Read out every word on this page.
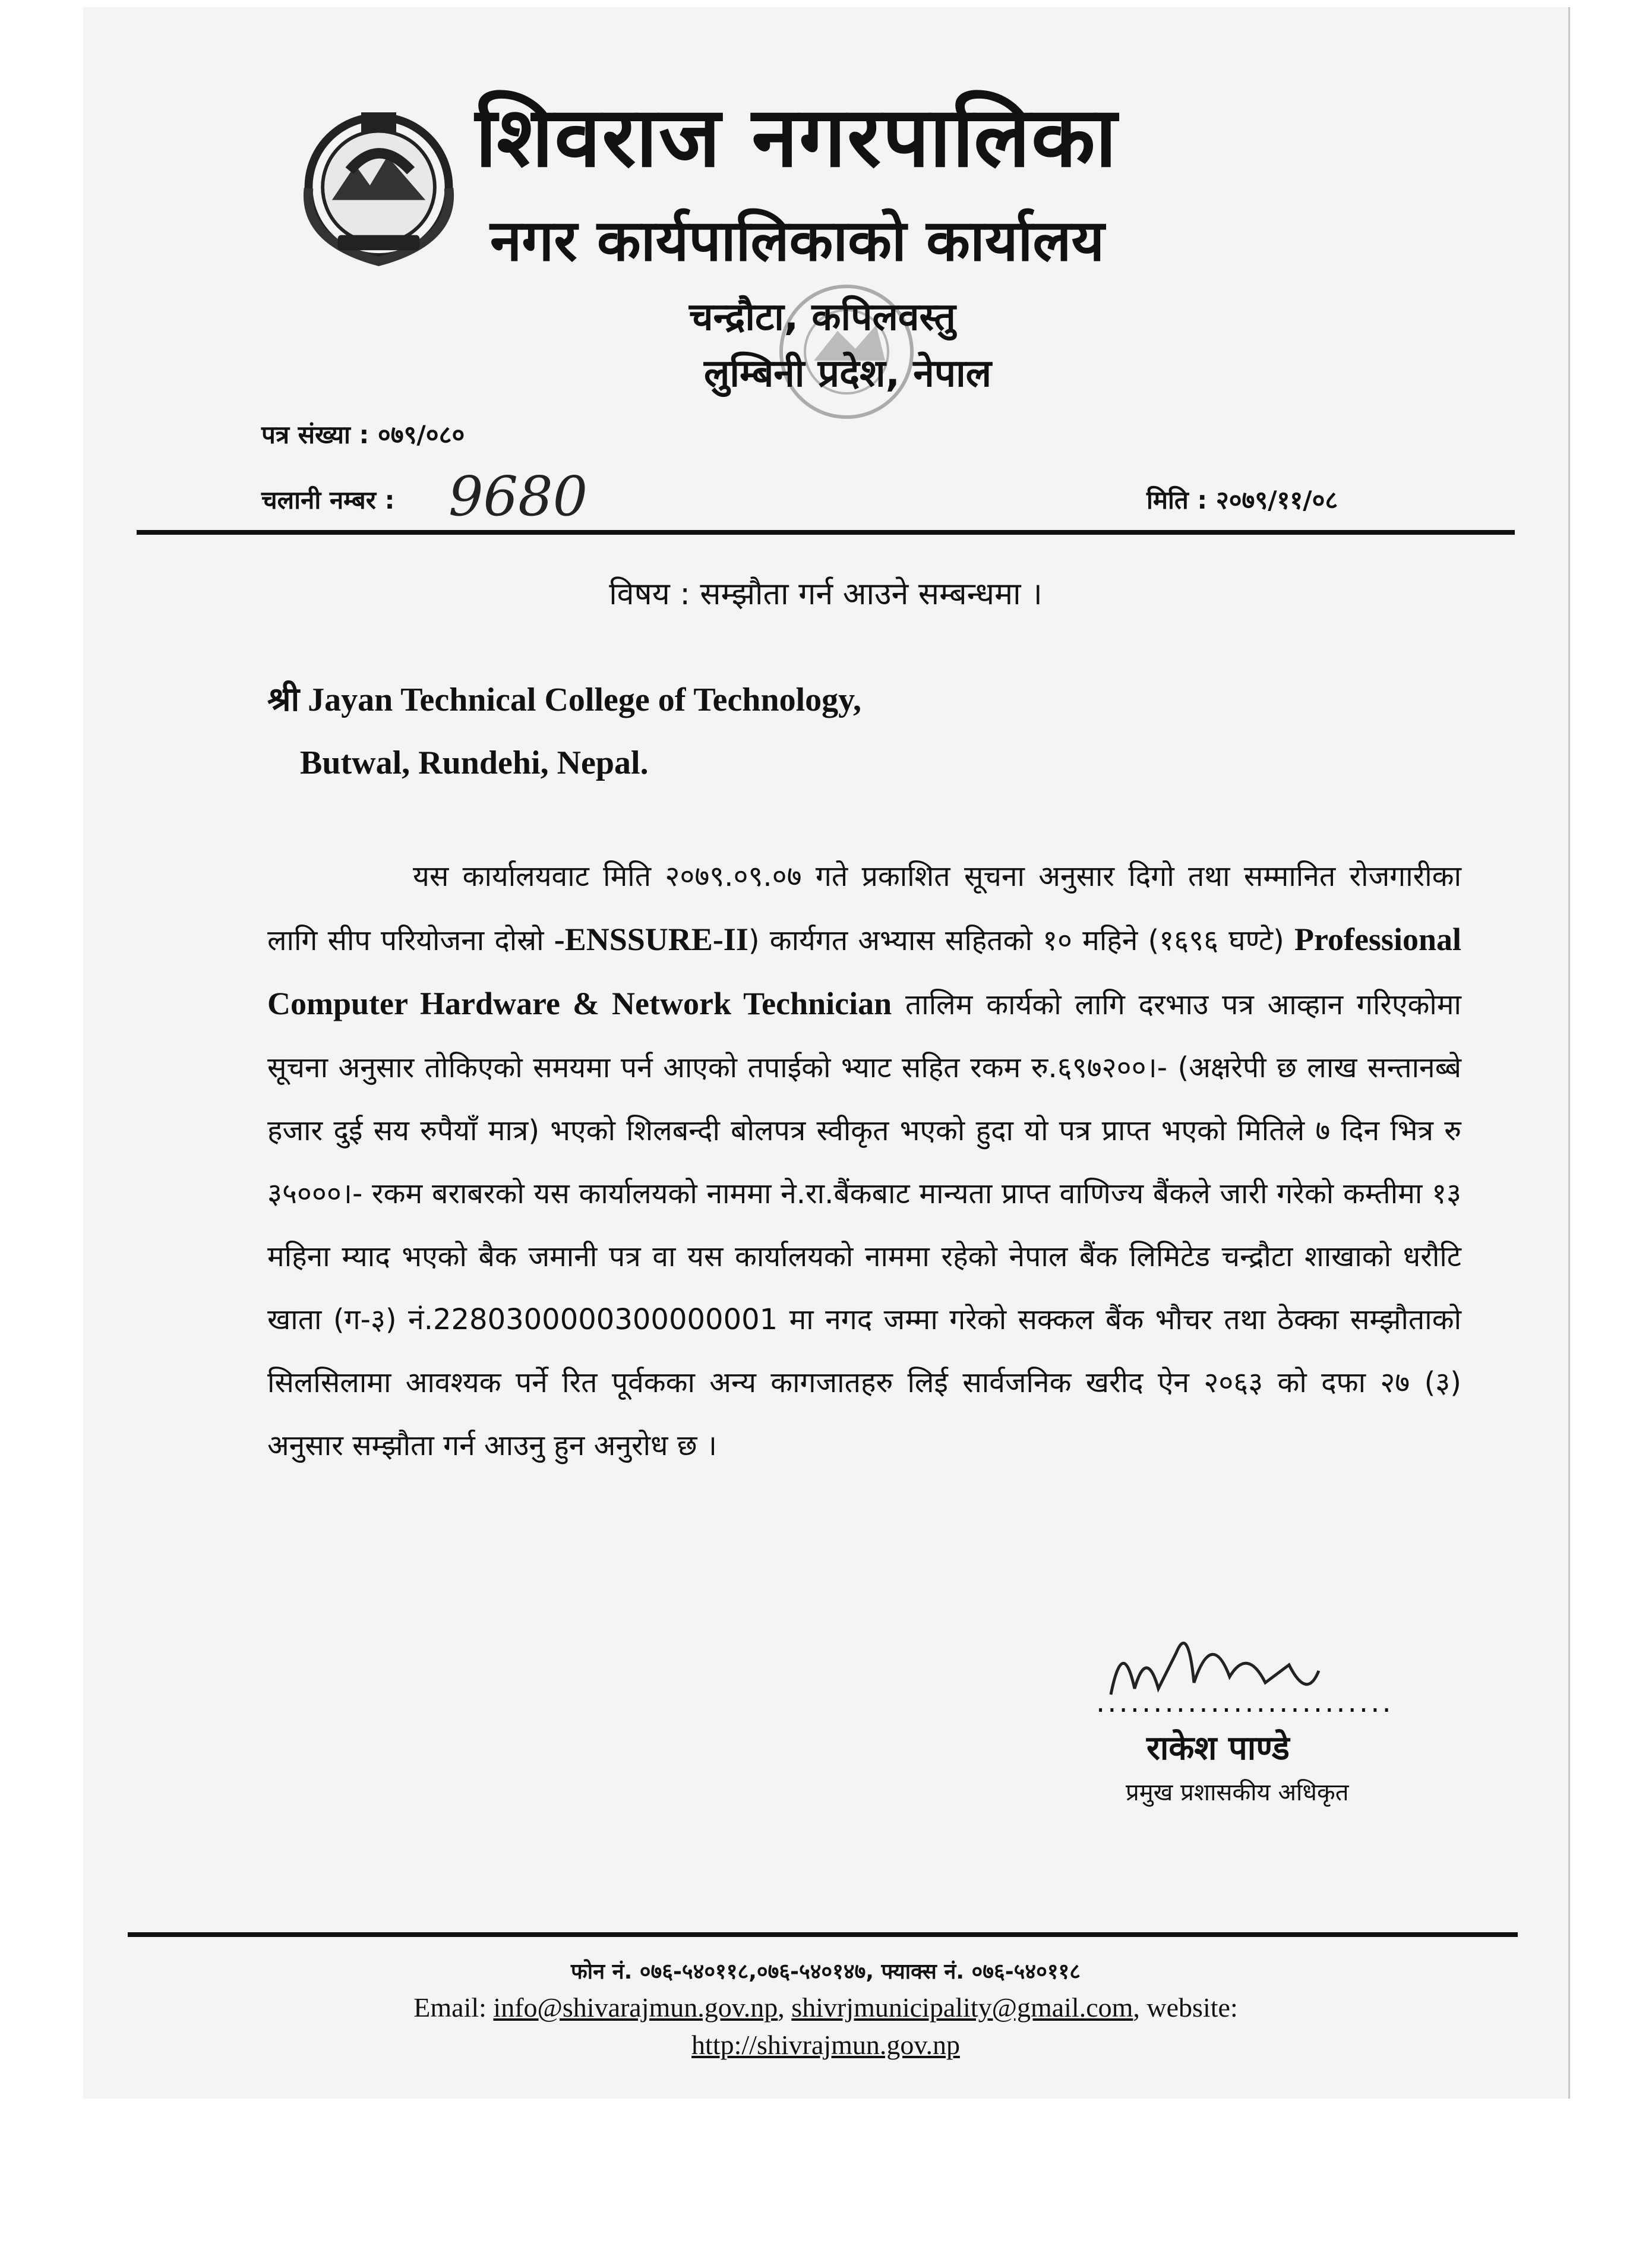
शिवराज नगरपालिका
नगर कार्यपालिकाको कार्यालय
चन्द्रौटा, कपिलवस्तु
लुम्बिनी प्रदेश, नेपाल
पत्र संख्या : ०७९/०८०
चलानी नम्बर : 9680	मिति : २०७९/११/०८
विषय : सम्झौता गर्न आउने सम्बन्धमा ।
श्री Jayan Technical College of Technology,
Butwal, Rundehi, Nepal.
यस कार्यालयवाट मिति २०७९.०९.०७ गते प्रकाशित सूचना अनुसार दिगो तथा सम्मानित रोजगारीका लागि सीप परियोजना दोस्रो -ENSSURE-II) कार्यगत अभ्यास सहितको १० महिने (१६९६ घण्टे) Professional Computer Hardware & Network Technician तालिम कार्यको लागि दरभाउ पत्र आव्हान गरिएकोमा सूचना अनुसार तोकिएको समयमा पर्न आएको तपाईको भ्याट सहित रकम रु.६९७२००।- (अक्षरेपी छ लाख सन्तानब्बे हजार दुई सय रुपैयाँ मात्र) भएको शिलबन्दी बोलपत्र स्वीकृत भएको हुदा यो पत्र प्राप्त भएको मितिले ७ दिन भित्र रु ३५०००।- रकम बराबरको यस कार्यालयको नाममा ने.रा.बैंकबाट मान्यता प्राप्त वाणिज्य बैंकले जारी गरेको कम्तीमा १३ महिना म्याद भएको बैक जमानी पत्र वा यस कार्यालयको नाममा रहेको नेपाल बैंक लिमिटेड चन्द्रौटा शाखाको धरौटि खाता (ग-३) नं.2280300000300000001 मा नगद जम्मा गरेको सक्कल बैंक भौचर तथा ठेक्का सम्झौताको सिलसिलामा आवश्यक पर्ने रित पूर्वकका अन्य कागजातहरु लिई सार्वजनिक खरीद ऐन २०६३ को दफा २७ (३) अनुसार सम्झौता गर्न आउनु हुन अनुरोध छ ।
..........................
राकेश पाण्डे
प्रमुख प्रशासकीय अधिकृत
फोन नं. ०७६-५४०११८,०७६-५४०१४७, फ्याक्स नं. ०७६-५४०११८
Email: info@shivarajmun.gov.np, shivrjmunicipality@gmail.com, website:
http://shivrajmun.gov.np
